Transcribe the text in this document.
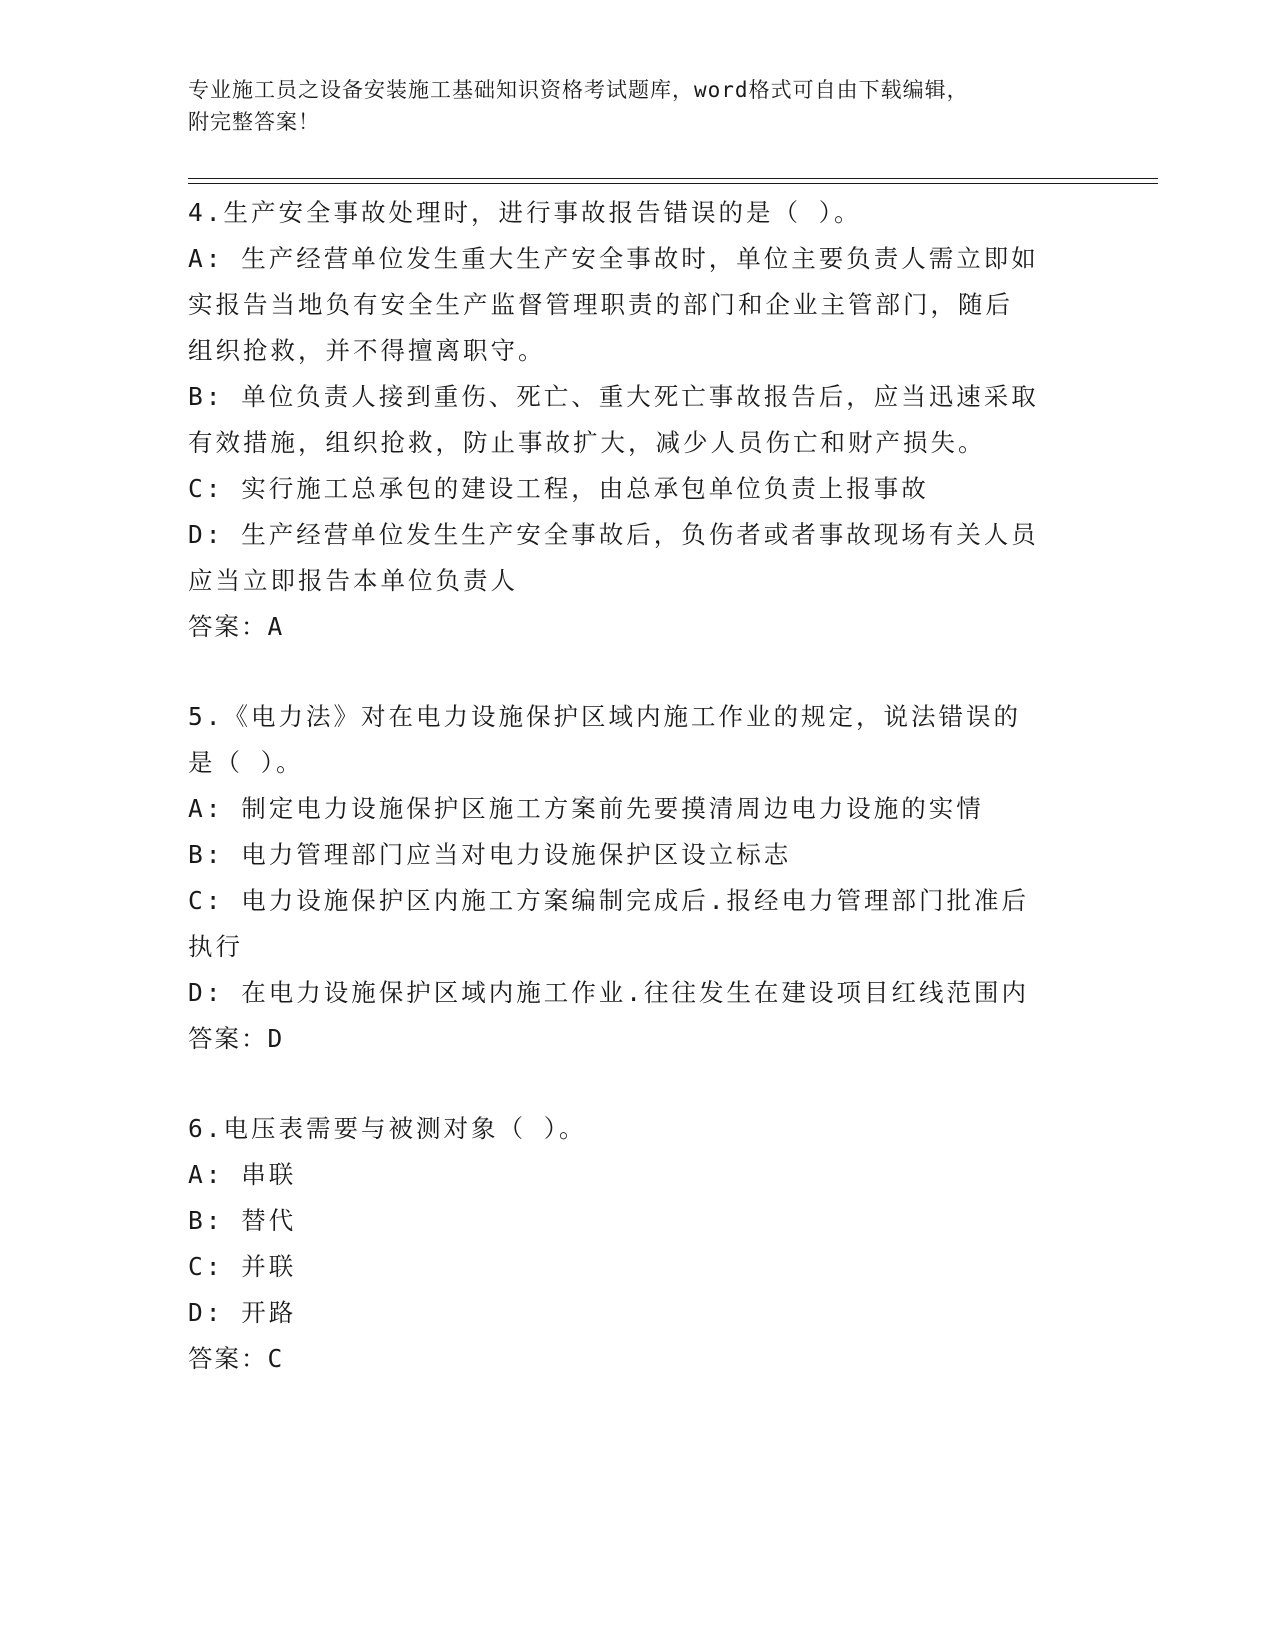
专业施工员之设备安装施工基础知识资格考试题库，word格式可自由下载编辑，
附完整答案！

4.生产安全事故处理时，进行事故报告错误的是（ ）。

A: 生产经营单位发生重大生产安全事故时，单位主要负责人需立即如

实报告当地负有安全生产监督管理职责的部门和企业主管部门，随后

组织抢救，并不得擅离职守。

B: 单位负责人接到重伤、死亡、重大死亡事故报告后，应当迅速采取

有效措施，组织抢救，防止事故扩大，减少人员伤亡和财产损失。

C: 实行施工总承包的建设工程，由总承包单位负责上报事故

D: 生产经营单位发生生产安全事故后，负伤者或者事故现场有关人员

应当立即报告本单位负责人

答案：A

5.《电力法》对在电力设施保护区域内施工作业的规定，说法错误的

是（ ）。

A: 制定电力设施保护区施工方案前先要摸清周边电力设施的实情

B: 电力管理部门应当对电力设施保护区设立标志

C: 电力设施保护区内施工方案编制完成后.报经电力管理部门批准后

执行

D: 在电力设施保护区域内施工作业.往往发生在建设项目红线范围内

答案：D

6.电压表需要与被测对象（ ）。

A: 串联

B: 替代

C: 并联

D: 开路

答案：C
